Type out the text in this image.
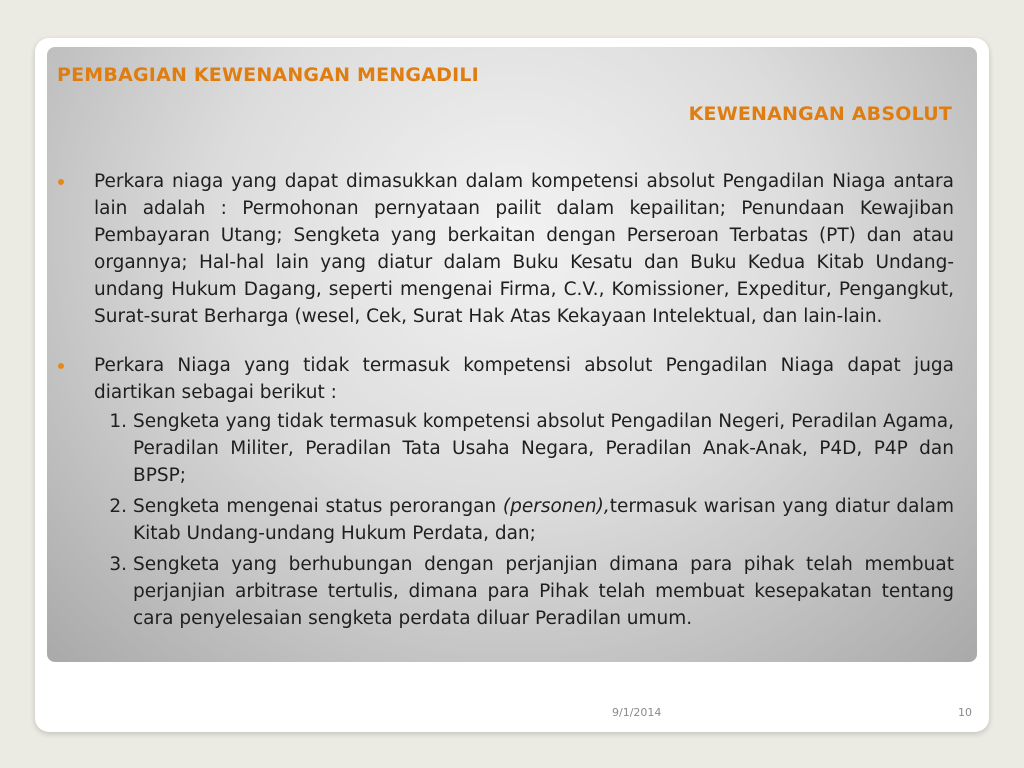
PEMBAGIAN KEWENANGAN MENGADILI
KEWENANGAN ABSOLUT
Perkara niaga yang dapat dimasukkan dalam kompetensi absolut Pengadilan Niaga antara lain adalah : Permohonan pernyataan pailit dalam kepailitan; Penundaan Kewajiban Pembayaran Utang; Sengketa yang berkaitan dengan Perseroan Terbatas (PT) dan atau organnya; Hal-hal lain yang diatur dalam Buku Kesatu dan Buku Kedua Kitab Undang-undang Hukum Dagang, seperti mengenai Firma, C.V., Komissioner, Expeditur, Pengangkut, Surat-surat Berharga (wesel, Cek, Surat Hak Atas Kekayaan Intelektual, dan lain-lain.
Perkara Niaga yang tidak termasuk kompetensi absolut Pengadilan Niaga dapat juga diartikan sebagai berikut :
1. Sengketa yang tidak termasuk kompetensi absolut Pengadilan Negeri, Peradilan Agama, Peradilan Militer, Peradilan Tata Usaha Negara, Peradilan Anak-Anak, P4D, P4P dan BPSP;
2. Sengketa mengenai status perorangan (personen),termasuk warisan yang diatur dalam Kitab Undang-undang Hukum Perdata, dan;
3. Sengketa yang berhubungan dengan perjanjian dimana para pihak telah membuat perjanjian arbitrase tertulis, dimana para Pihak telah membuat kesepakatan tentang cara penyelesaian sengketa perdata diluar Peradilan umum.
9/1/2014	10
